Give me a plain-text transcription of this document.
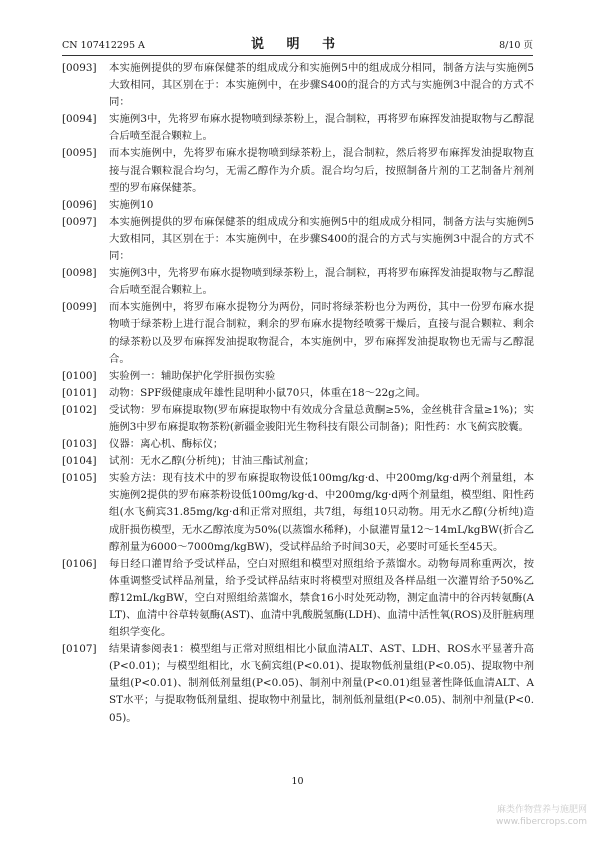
CN 107412295 A	说 明 书	8/10 页
[0093]	本实施例提供的罗布麻保健茶的组成成分和实施例5中的组成成分相同，制备方法与实施例5大致相同，其区别在于：本实施例中，在步骤S400的混合的方式与实施例3中混合的方式不同：
[0094]	实施例3中，先将罗布麻水提物喷到绿茶粉上，混合制粒，再将罗布麻挥发油提取物与乙醇混合后喷至混合颗粒上。
[0095]	而本实施例中，先将罗布麻水提物喷到绿茶粉上，混合制粒，然后将罗布麻挥发油提取物直接与混合颗粒混合均匀，无需乙醇作为介质。混合均匀后，按照制备片剂的工艺制备片剂剂型的罗布麻保健茶。
[0096]	实施例10
[0097]	本实施例提供的罗布麻保健茶的组成成分和实施例5中的组成成分相同，制备方法与实施例5大致相同，其区别在于：本实施例中，在步骤S400的混合的方式与实施例3中混合的方式不同：
[0098]	实施例3中，先将罗布麻水提物喷到绿茶粉上，混合制粒，再将罗布麻挥发油提取物与乙醇混合后喷至混合颗粒上。
[0099]	而本实施例中，将罗布麻水提物分为两份，同时将绿茶粉也分为两份，其中一份罗布麻水提物喷于绿茶粉上进行混合制粒，剩余的罗布麻水提物经喷雾干燥后，直接与混合颗粒、剩余的绿茶粉以及罗布麻挥发油提取物混合，本实施例中，罗布麻挥发油提取物也无需与乙醇混合。
[0100]	实验例一：辅助保护化学肝损伤实验
[0101]	动物：SPF级健康成年雄性昆明种小鼠70只，体重在18～22g之间。
[0102]	受试物：罗布麻提取物(罗布麻提取物中有效成分含量总黄酮≥5%，金丝桃苷含量≥1%)；实施例3中罗布麻提取物茶粉(新疆金骏阳光生物科技有限公司制备)；阳性药：水飞蓟宾胶囊。
[0103]	仪器：离心机、酶标仪；
[0104]	试剂：无水乙醇(分析纯)；甘油三酯试剂盒；
[0105]	实验方法：现有技术中的罗布麻提取物设低100mg/kg·d、中200mg/kg·d两个剂量组，本实施例2提供的罗布麻茶粉设低100mg/kg·d、中200mg/kg·d两个剂量组，模型组、阳性药组(水飞蓟宾31.85mg/kg·d和正常对照组，共7组，每组10只动物。用无水乙醇(分析纯)造成肝损伤模型，无水乙醇浓度为50%(以蒸馏水稀释)，小鼠灌胃量12～14mL/kgBW(折合乙醇剂量为6000～7000mg/kgBW)，受试样品给予时间30天，必要时可延长至45天。
[0106]	每日经口灌胃给予受试样品，空白对照组和模型对照组给予蒸馏水。动物每周称重两次，按体重调整受试样品剂量，给予受试样品结束时将模型对照组及各样品组一次灌胃给予50%乙醇12mL/kgBW，空白对照组给蒸馏水，禁食16小时处死动物，测定血清中的谷丙转氨酶(ALT)、血清中谷草转氨酶(AST)、血清中乳酸脱氢酶(LDH)、血清中活性氧(ROS)及肝脏病理组织学变化。
[0107]	结果请参阅表1：模型组与正常对照组相比小鼠血清ALT、AST、LDH、ROS水平显著升高(P<0.01)；与模型组相比，水飞蓟宾组(P<0.01)、提取物低剂量组(P<0.05)、提取物中剂量组(P<0.01)、制剂低剂量组(P<0.05)、制剂中剂量(P<0.01)组显著性降低血清ALT、AST水平；与提取物低剂量组、提取物中剂量比，制剂低剂量组(P<0.05)、制剂中剂量(P<0.05)。
10
麻类作物营养与施肥网
www.fibercrops.com
